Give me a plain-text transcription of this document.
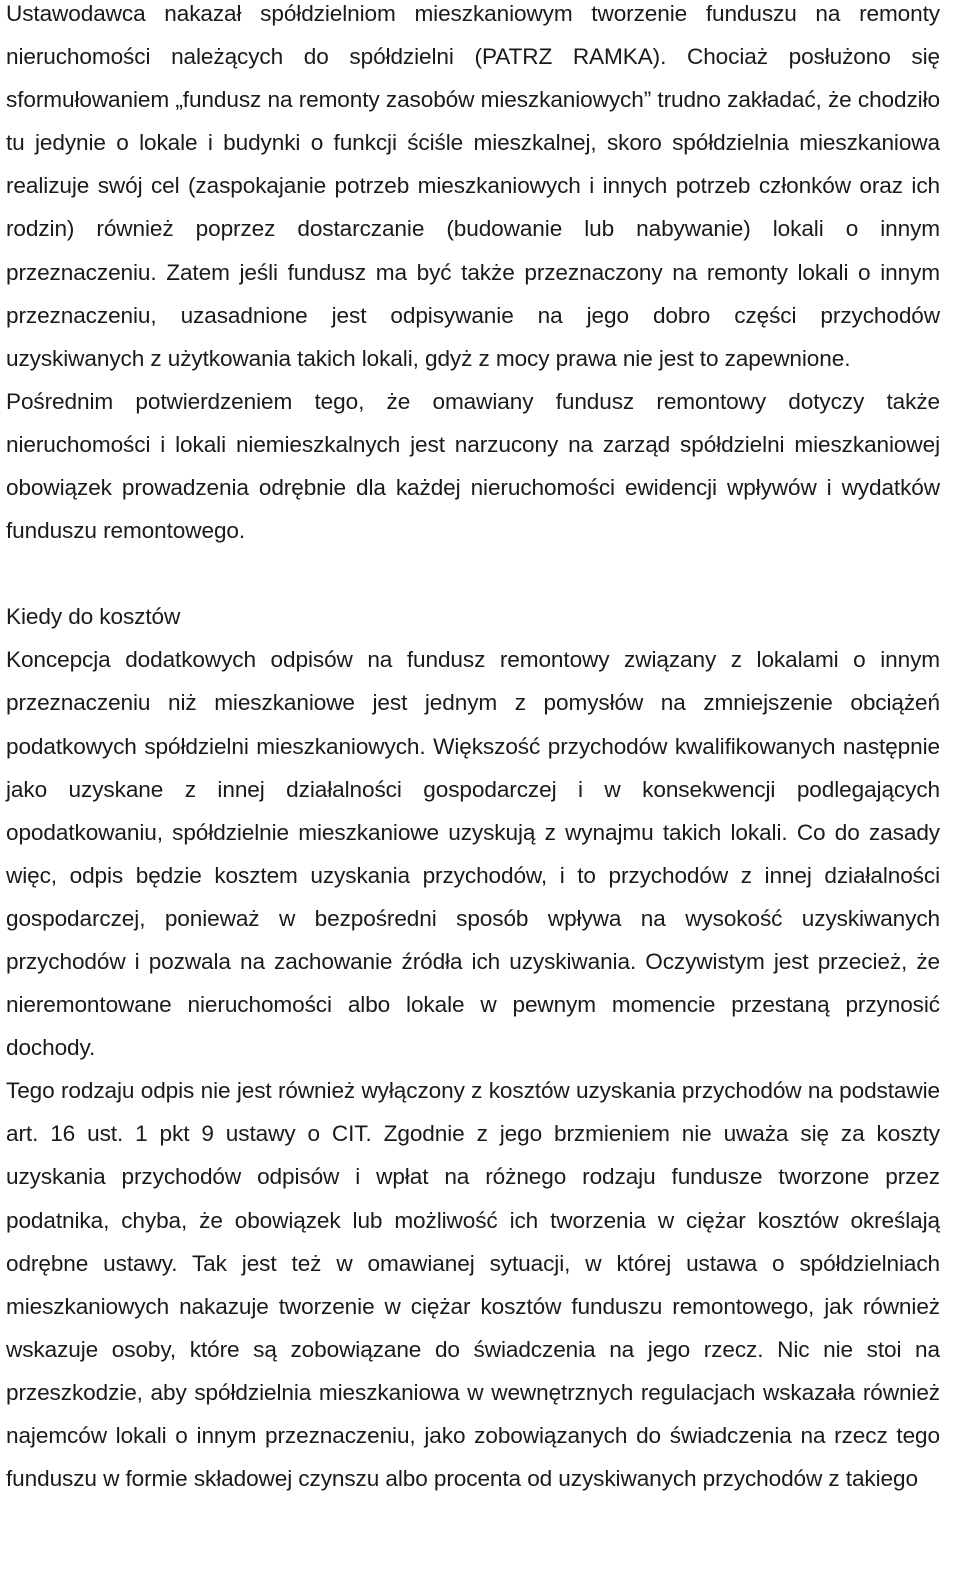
Ustawodawca nakazał spółdzielniom mieszkaniowym tworzenie funduszu na remonty nieruchomości należących do spółdzielni (PATRZ RAMKA). Chociaż posłużono się sformułowaniem „fundusz na remonty zasobów mieszkaniowych” trudno zakładać, że chodziło tu jedynie o lokale i budynki o funkcji ściśle mieszkalnej, skoro spółdzielnia mieszkaniowa realizuje swój cel (zaspokajanie potrzeb mieszkaniowych i innych potrzeb członków oraz ich rodzin) również poprzez dostarczanie (budowanie lub nabywanie) lokali o innym przeznaczeniu. Zatem jeśli fundusz ma być także przeznaczony na remonty lokali o innym przeznaczeniu, uzasadnione jest odpisywanie na jego dobro części przychodów uzyskiwanych z użytkowania takich lokali, gdyż z mocy prawa nie jest to zapewnione.

Pośrednim potwierdzeniem tego, że omawiany fundusz remontowy dotyczy także nieruchomości i lokali niemieszkalnych jest narzucony na zarząd spółdzielni mieszkaniowej obowiązek prowadzenia odrębnie dla każdej nieruchomości ewidencji wpływów i wydatków funduszu remontowego.

Kiedy do kosztów

Koncepcja dodatkowych odpisów na fundusz remontowy związany z lokalami o innym przeznaczeniu niż mieszkaniowe jest jednym z pomysłów na zmniejszenie obciążeń podatkowych spółdzielni mieszkaniowych. Większość przychodów kwalifikowanych następnie jako uzyskane z innej działalności gospodarczej i w konsekwencji podlegających opodatkowaniu, spółdzielnie mieszkaniowe uzyskują z wynajmu takich lokali. Co do zasady więc, odpis będzie kosztem uzyskania przychodów, i to przychodów z innej działalności gospodarczej, ponieważ w bezpośredni sposób wpływa na wysokość uzyskiwanych przychodów i pozwala na zachowanie źródła ich uzyskiwania. Oczywistym jest przecież, że nieremontowane nieruchomości albo lokale w pewnym momencie przestaną przynosić dochody.

Tego rodzaju odpis nie jest również wyłączony z kosztów uzyskania przychodów na podstawie art. 16 ust. 1 pkt 9 ustawy o CIT. Zgodnie z jego brzmieniem nie uważa się za koszty uzyskania przychodów odpisów i wpłat na różnego rodzaju fundusze tworzone przez podatnika, chyba, że obowiązek lub możliwość ich tworzenia w ciężar kosztów określają odrębne ustawy. Tak jest też w omawianej sytuacji, w której ustawa o spółdzielniach mieszkaniowych nakazuje tworzenie w ciężar kosztów funduszu remontowego, jak również wskazuje osoby, które są zobowiązane do świadczenia na jego rzecz. Nic nie stoi na przeszkodzie, aby spółdzielnia mieszkaniowa w wewnętrznych regulacjach wskazała również najemców lokali o innym przeznaczeniu, jako zobowiązanych do świadczenia na rzecz tego funduszu w formie składowej czynszu albo procenta od uzyskiwanych przychodów z takiego
